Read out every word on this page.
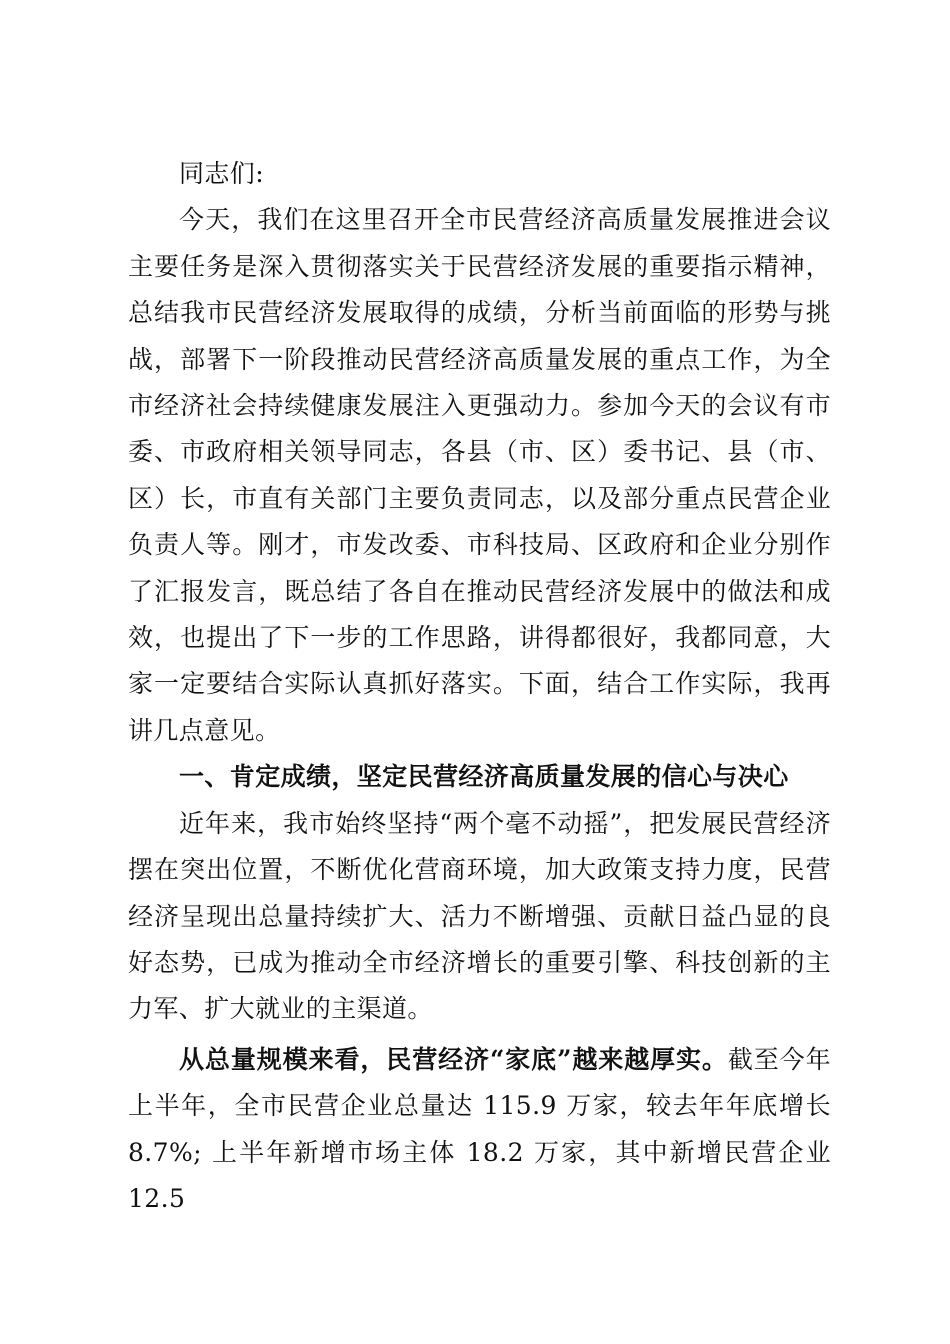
同志们:

今天，我们在这里召开全市民营经济高质量发展推进会议主要任务是深入贯彻落实关于民营经济发展的重要指示精神，总结我市民营经济发展取得的成绩，分析当前面临的形势与挑战，部署下一阶段推动民营经济高质量发展的重点工作，为全市经济社会持续健康发展注入更强动力。参加今天的会议有市委、市政府相关领导同志，各县（市、区）委书记、县（市、区）长，市直有关部门主要负责同志，以及部分重点民营企业负责人等。刚才，市发改委、市科技局、区政府和企业分别作了汇报发言，既总结了各自在推动民营经济发展中的做法和成效，也提出了下一步的工作思路，讲得都很好，我都同意，大家一定要结合实际认真抓好落实。下面，结合工作实际，我再讲几点意见。

一、肯定成绩，坚定民营经济高质量发展的信心与决心

近年来，我市始终坚持“两个毫不动摇”，把发展民营经济摆在突出位置，不断优化营商环境，加大政策支持力度，民营经济呈现出总量持续扩大、活力不断增强、贡献日益凸显的良好态势，已成为推动全市经济增长的重要引擎、科技创新的主力军、扩大就业的主渠道。

从总量规模来看，民营经济“家底”越来越厚实。截至今年上半年，全市民营企业总量达 115.9 万家，较去年年底增长 8.7%; 上半年新增市场主体 18.2 万家，其中新增民营企业 12.5
